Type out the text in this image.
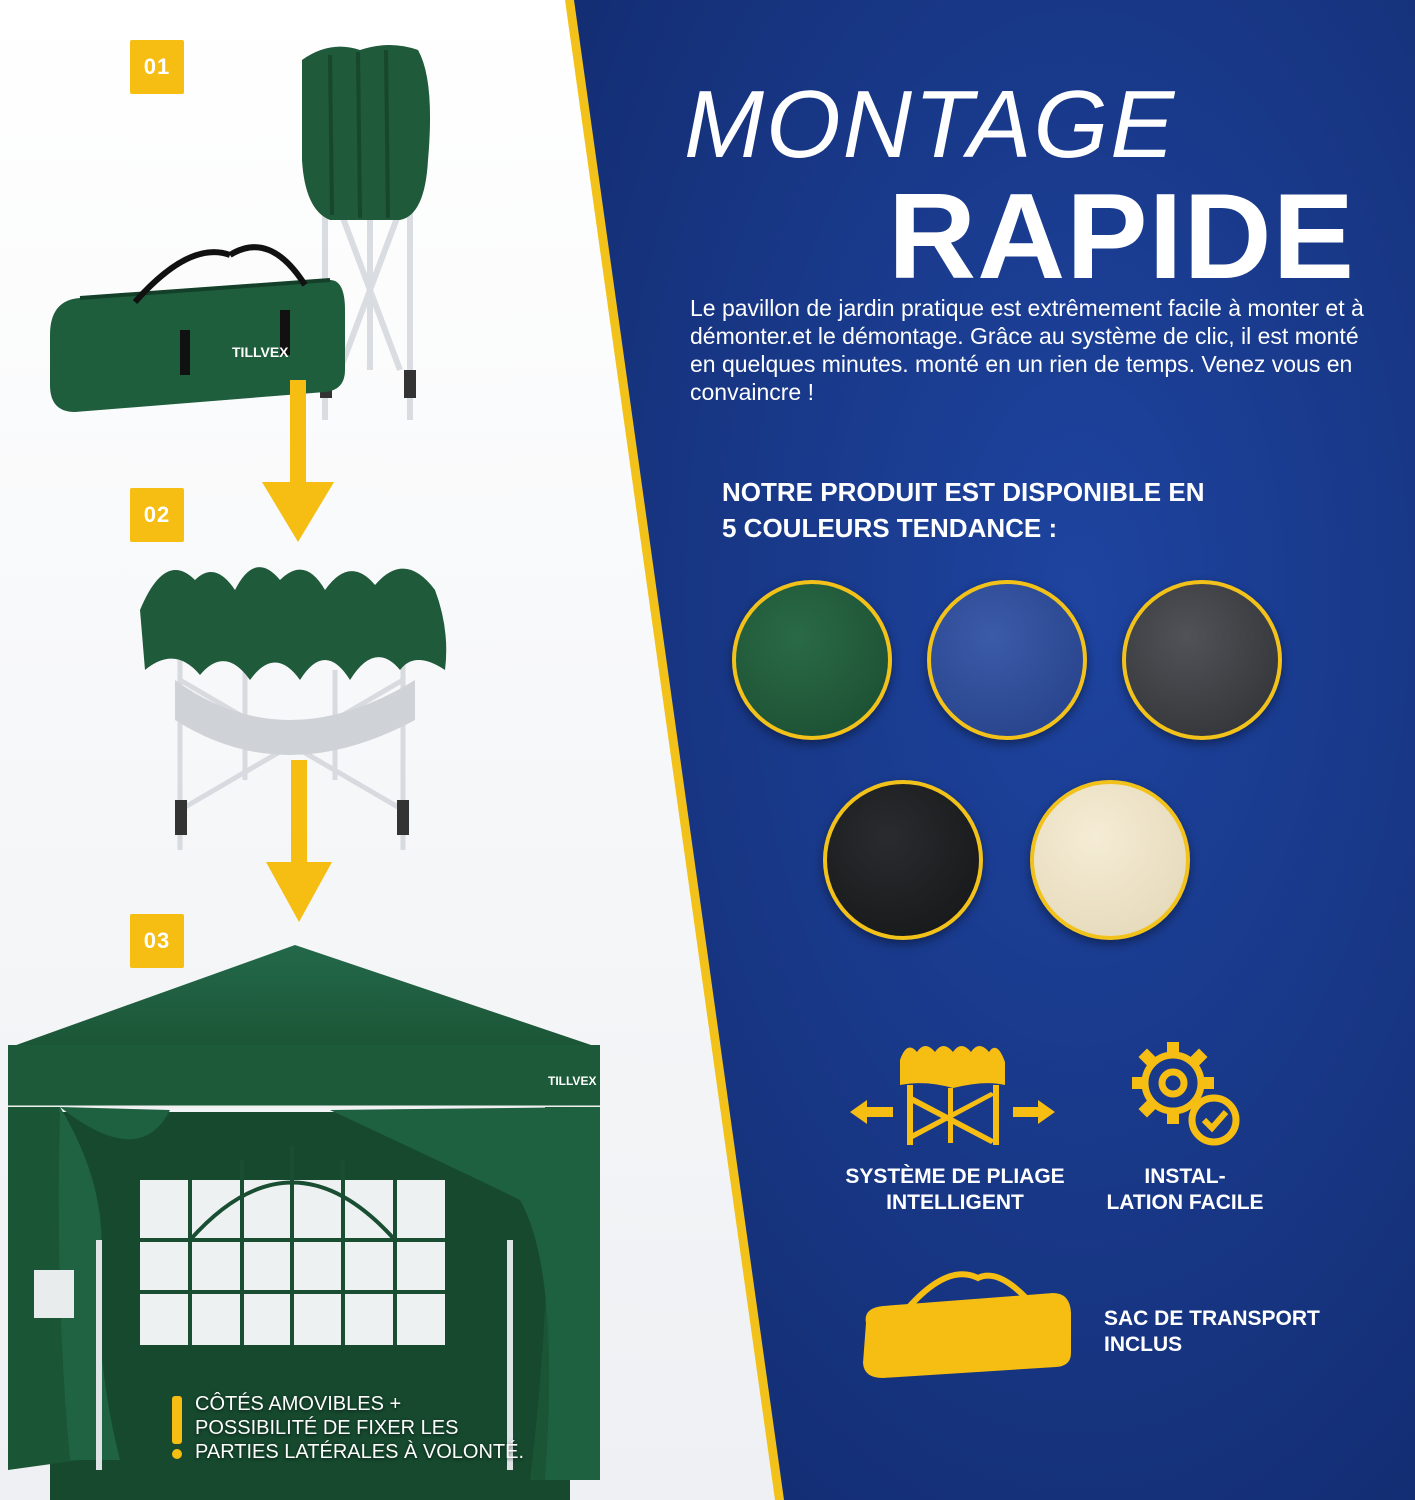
01
02
03
TILLVEX
TILLVEX
CÔTÉS AMOVIBLES +
POSSIBILITÉ DE FIXER LES
PARTIES LATÉRALES À VOLONTÉ.
MONTAGE
RAPIDE
Le pavillon de jardin pratique est extrêmement facile à monter et à démonter.et le démontage. Grâce au système de clic, il est monté en quelques minutes. monté en un rien de temps. Venez vous en convaincre !
NOTRE PRODUIT EST DISPONIBLE EN
5 COULEURS TENDANCE :
SYSTÈME DE PLIAGE
INTELLIGENT
INSTAL-
LATION FACILE
SAC DE TRANSPORT
INCLUS
